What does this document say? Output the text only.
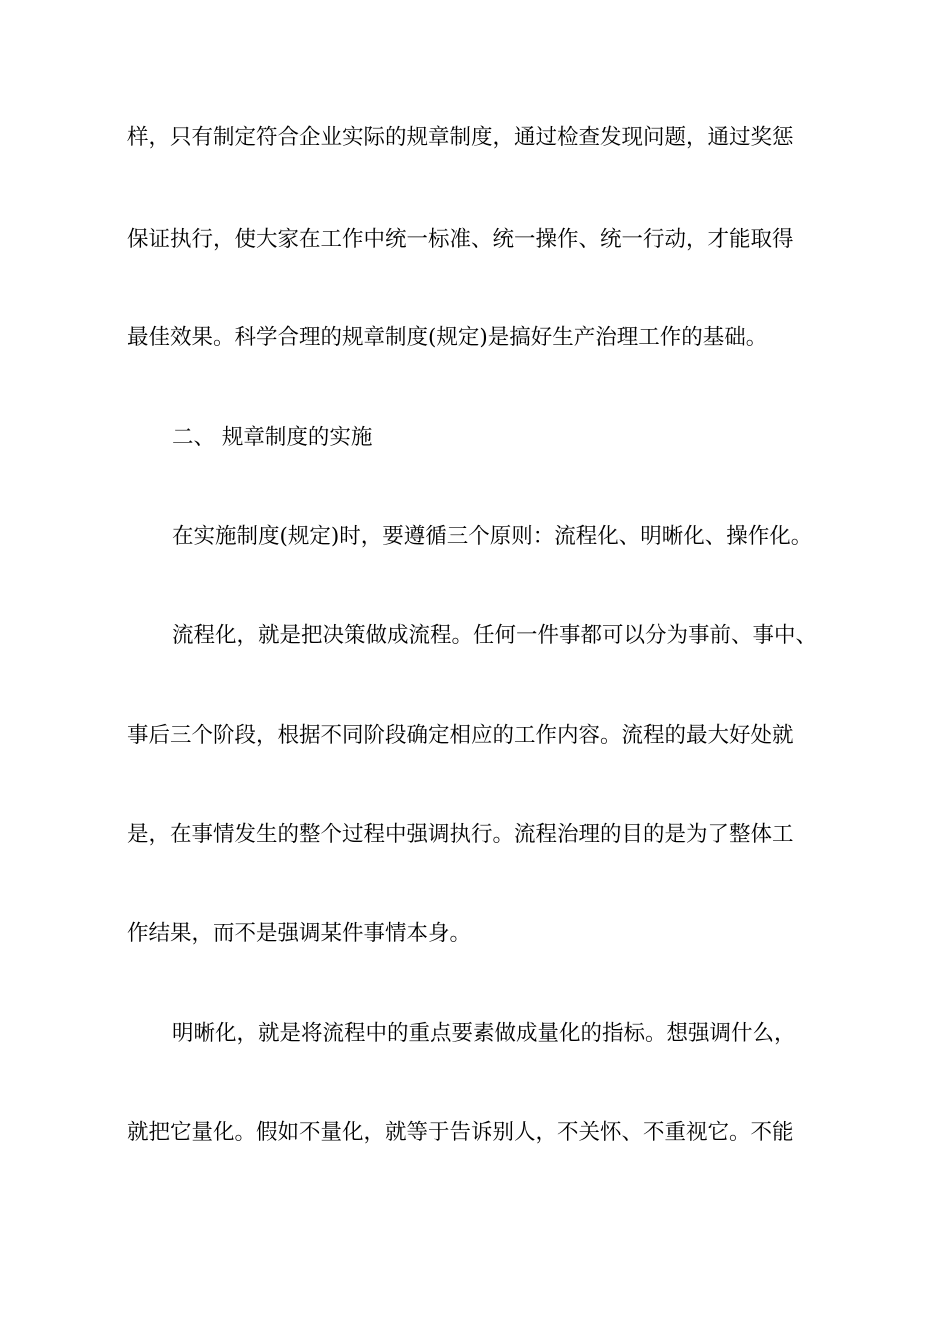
样，只有制定符合企业实际的规章制度，通过检查发现问题，通过奖惩
保证执行，使大家在工作中统一标准、统一操作、统一行动，才能取得
最佳效果。科学合理的规章制度(规定)是搞好生产治理工作的基础。
二、 规章制度的实施
在实施制度(规定)时，要遵循三个原则：流程化、明晰化、操作化。
流程化，就是把决策做成流程。任何一件事都可以分为事前、事中、
事后三个阶段，根据不同阶段确定相应的工作内容。流程的最大好处就
是，在事情发生的整个过程中强调执行。流程治理的目的是为了整体工
作结果，而不是强调某件事情本身。
明晰化，就是将流程中的重点要素做成量化的指标。想强调什么，
就把它量化。假如不量化，就等于告诉别人，不关怀、不重视它。不能
